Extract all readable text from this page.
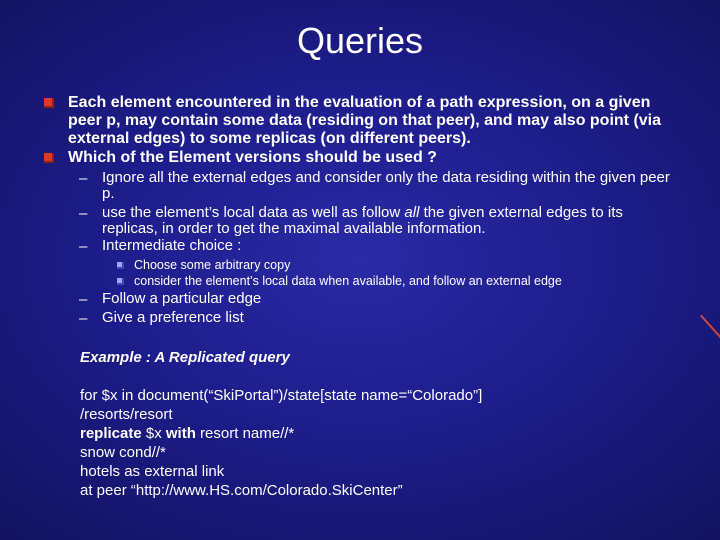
Queries
Each element encountered in the evaluation of a path expression, on a given peer p, may contain some data (residing on that peer), and may also point (via external edges) to some replicas (on different peers).
Which of the Element versions should be used ?
– Ignore all the external edges and consider only the data residing within the given peer p.
– use the element’s local data as well as follow all the given external edges to its replicas, in order to get the maximal available information.
– Intermediate choice :
Choose some arbitrary copy
consider the element’s local data when available, and follow an external edge
– Follow a particular edge
– Give a preference list
Example : A Replicated query
for $x in document(“SkiPortal”)/state[state name=“Colorado”]
/resorts/resort
replicate $x with resort name//*
snow cond//*
hotels as external link
at peer “http://www.HS.com/Colorado.SkiCenter”
